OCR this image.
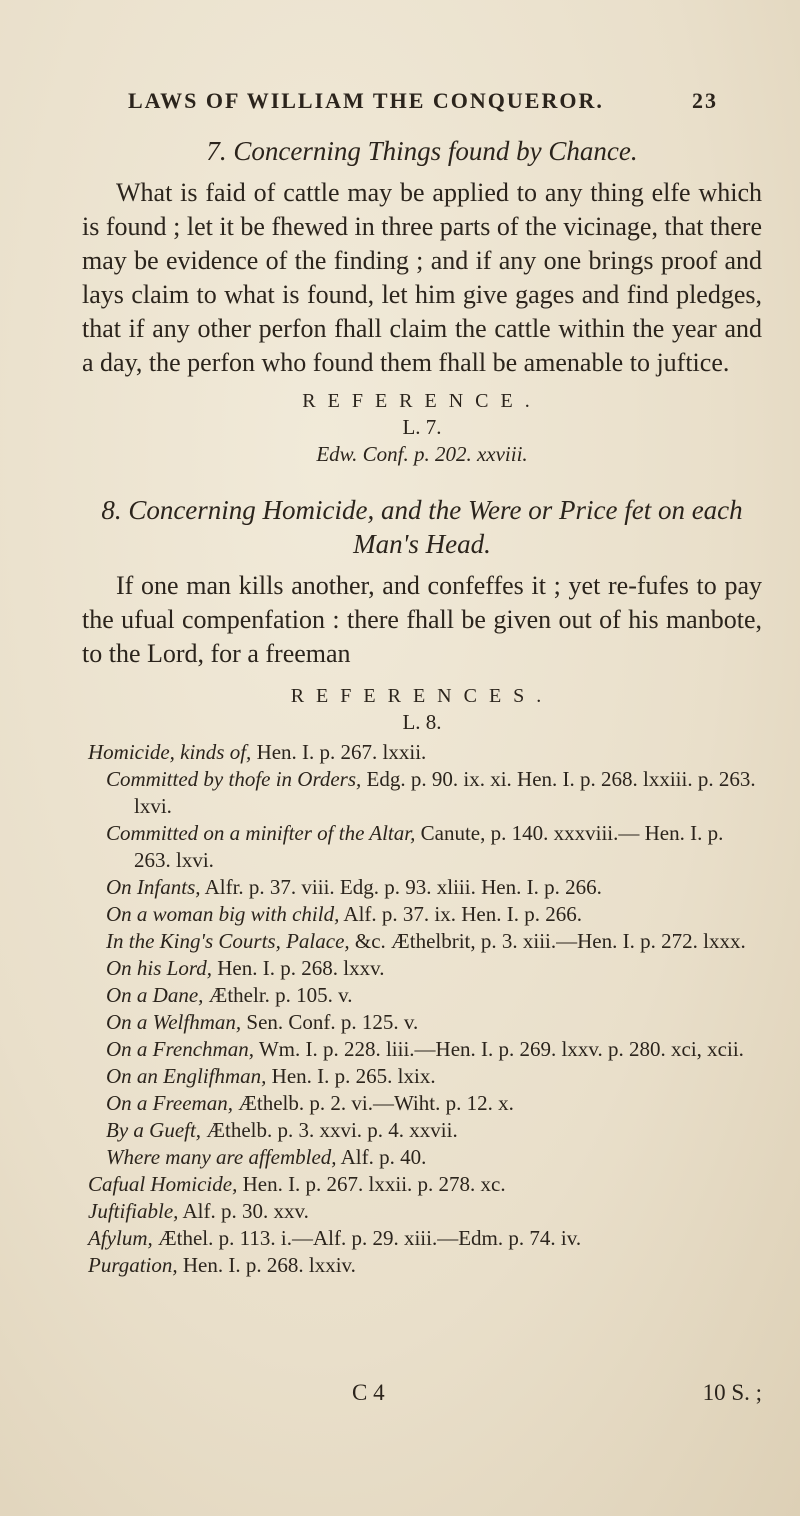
LAWS OF WILLIAM THE CONQUEROR.	23
7. Concerning Things found by Chance.

What is faid of cattle may be applied to any thing elfe which is found ; let it be fhewed in three parts of the vicinage, that there may be evidence of the finding ; and if any one brings proof and lays claim to what is found, let him give gages and find pledges, that if any other perfon fhall claim the cattle within the year and a day, the perfon who found them fhall be amenable to juftice.

REFERENCE.
L. 7.
Edw. Conf. p. 202. xxviii.
8. Concerning Homicide, and the Were or Price fet on each Man's Head.

If one man kills another, and confeffes it ; yet re-fufes to pay the ufual compenfation : there fhall be given out of his manbote, to the Lord, for a freeman

REFERENCES.
L. 8.
Homicide, kinds of, Hen. I. p. 267. lxxii.
Committed by thofe in Orders, Edg. p. 90. ix. xi. Hen. I. p. 268. lxxiii. p. 263. lxvi.
Committed on a minifter of the Altar, Canute, p. 140. xxxviii.— Hen. I. p. 263. lxvi.
On Infants, Alfr. p. 37. viii. Edg. p. 93. xliii. Hen. I. p. 266.
On a woman big with child, Alf. p. 37. ix. Hen. I. p. 266.
In the King's Courts, Palace, &c. Æthelbrit, p. 3. xiii.—Hen. I. p. 272. lxxx.
On his Lord, Hen. I. p. 268. lxxv.
On a Dane, Æthelr. p. 105. v.
On a Welfhman, Sen. Conf. p. 125. v.
On a Frenchman, Wm. I. p. 228. liii.—Hen. I. p. 269. lxxv. p. 280. xci, xcii.
On an Englifhman, Hen. I. p. 265. lxix.
On a Freeman, Æthelb. p. 2. vi.—Wiht. p. 12. x.
By a Gueft, Æthelb. p. 3. xxvi. p. 4. xxvii.
Where many are affembled, Alf. p. 40.
Cafual Homicide, Hen. I. p. 267. lxxii. p. 278. xc.
Juftifiable, Alf. p. 30. xxv.
Afylum, Æthel. p. 113. i.—Alf. p. 29. xiii.—Edm. p. 74. iv.
Purgation, Hen. I. p. 268. lxxiv.
C 4	10 S. ;
